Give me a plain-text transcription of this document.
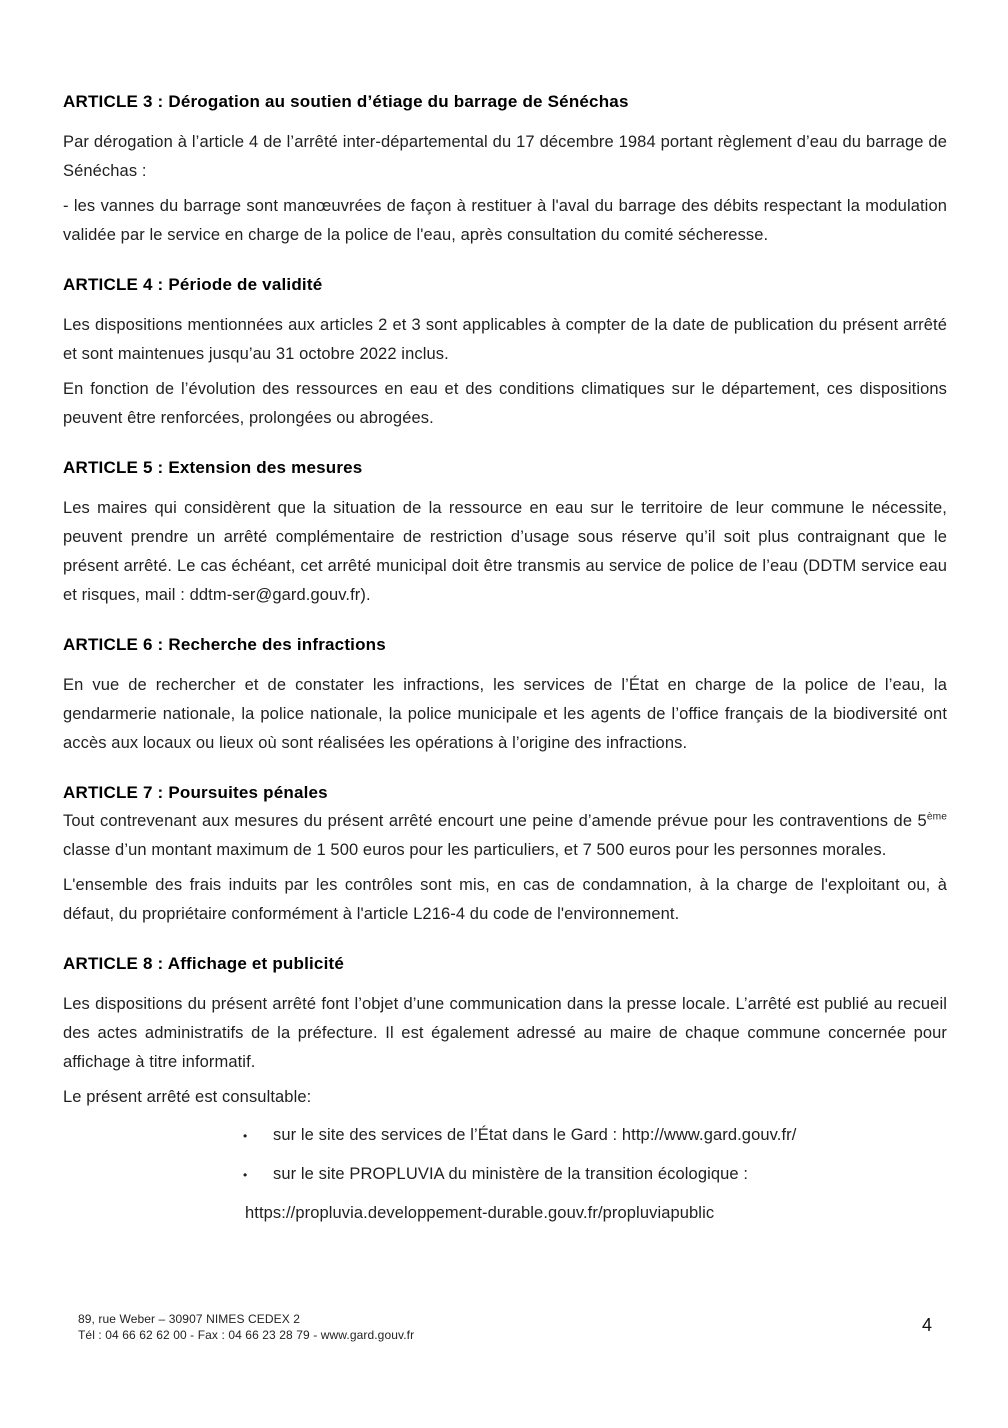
ARTICLE 3 : Dérogation au soutien d’étiage du barrage de Sénéchas

Par dérogation à l’article 4 de l’arrêté inter-départemental du 17 décembre 1984 portant règlement d’eau du barrage de Sénéchas :

- les vannes du barrage sont manœuvrées de façon à restituer à l'aval du barrage des débits respectant la modulation validée par le service en charge de la police de l'eau, après consultation du comité sécheresse.

ARTICLE 4 : Période de validité

Les dispositions mentionnées aux articles 2 et 3 sont applicables à compter de la date de publication du présent arrêté et sont maintenues jusqu’au 31 octobre 2022 inclus.

En fonction de l’évolution des ressources en eau et des conditions climatiques sur le département, ces dispositions peuvent être renforcées, prolongées ou abrogées.

ARTICLE 5 : Extension des mesures

Les maires qui considèrent que la situation de la ressource en eau sur le territoire de leur commune le nécessite, peuvent prendre un arrêté complémentaire de restriction d’usage sous réserve qu’il soit plus contraignant que le présent arrêté. Le cas échéant, cet arrêté municipal doit être transmis au service de police de l’eau (DDTM service eau et risques, mail : ddtm-ser@gard.gouv.fr).

ARTICLE 6 : Recherche des infractions

En vue de rechercher et de constater les infractions, les services de l’État en charge de la police de l’eau, la gendarmerie nationale, la police nationale, la police municipale et les agents de l’office français de la biodiversité ont accès aux locaux ou lieux où sont réalisées les opérations à l’origine des infractions.

ARTICLE 7 : Poursuites pénales

Tout contrevenant aux mesures du présent arrêté encourt une peine d’amende prévue pour les contraventions de 5ème classe d’un montant maximum de 1 500 euros pour les particuliers, et 7 500 euros pour les personnes morales.

L'ensemble des frais induits par les contrôles sont mis, en cas de condamnation, à la charge de l'exploitant ou, à défaut, du propriétaire conformément à l'article L216-4 du code de l'environnement.

ARTICLE 8 : Affichage et publicité

Les dispositions du présent arrêté font l’objet d’une communication dans la presse locale. L’arrêté est publié au recueil des actes administratifs de la préfecture. Il est également adressé au maire de chaque commune concernée pour affichage à titre informatif.

Le présent arrêté est consultable:

•	sur le site des services de l’État dans le Gard : http://www.gard.gouv.fr/
•	sur le site PROPLUVIA du ministère de la transition écologique :
https://propluvia.developpement-durable.gouv.fr/propluviapublic
89, rue Weber – 30907 NIMES CEDEX 2
Tél : 04 66 62 62 00 - Fax : 04 66 23 28 79 - www.gard.gouv.fr	4
